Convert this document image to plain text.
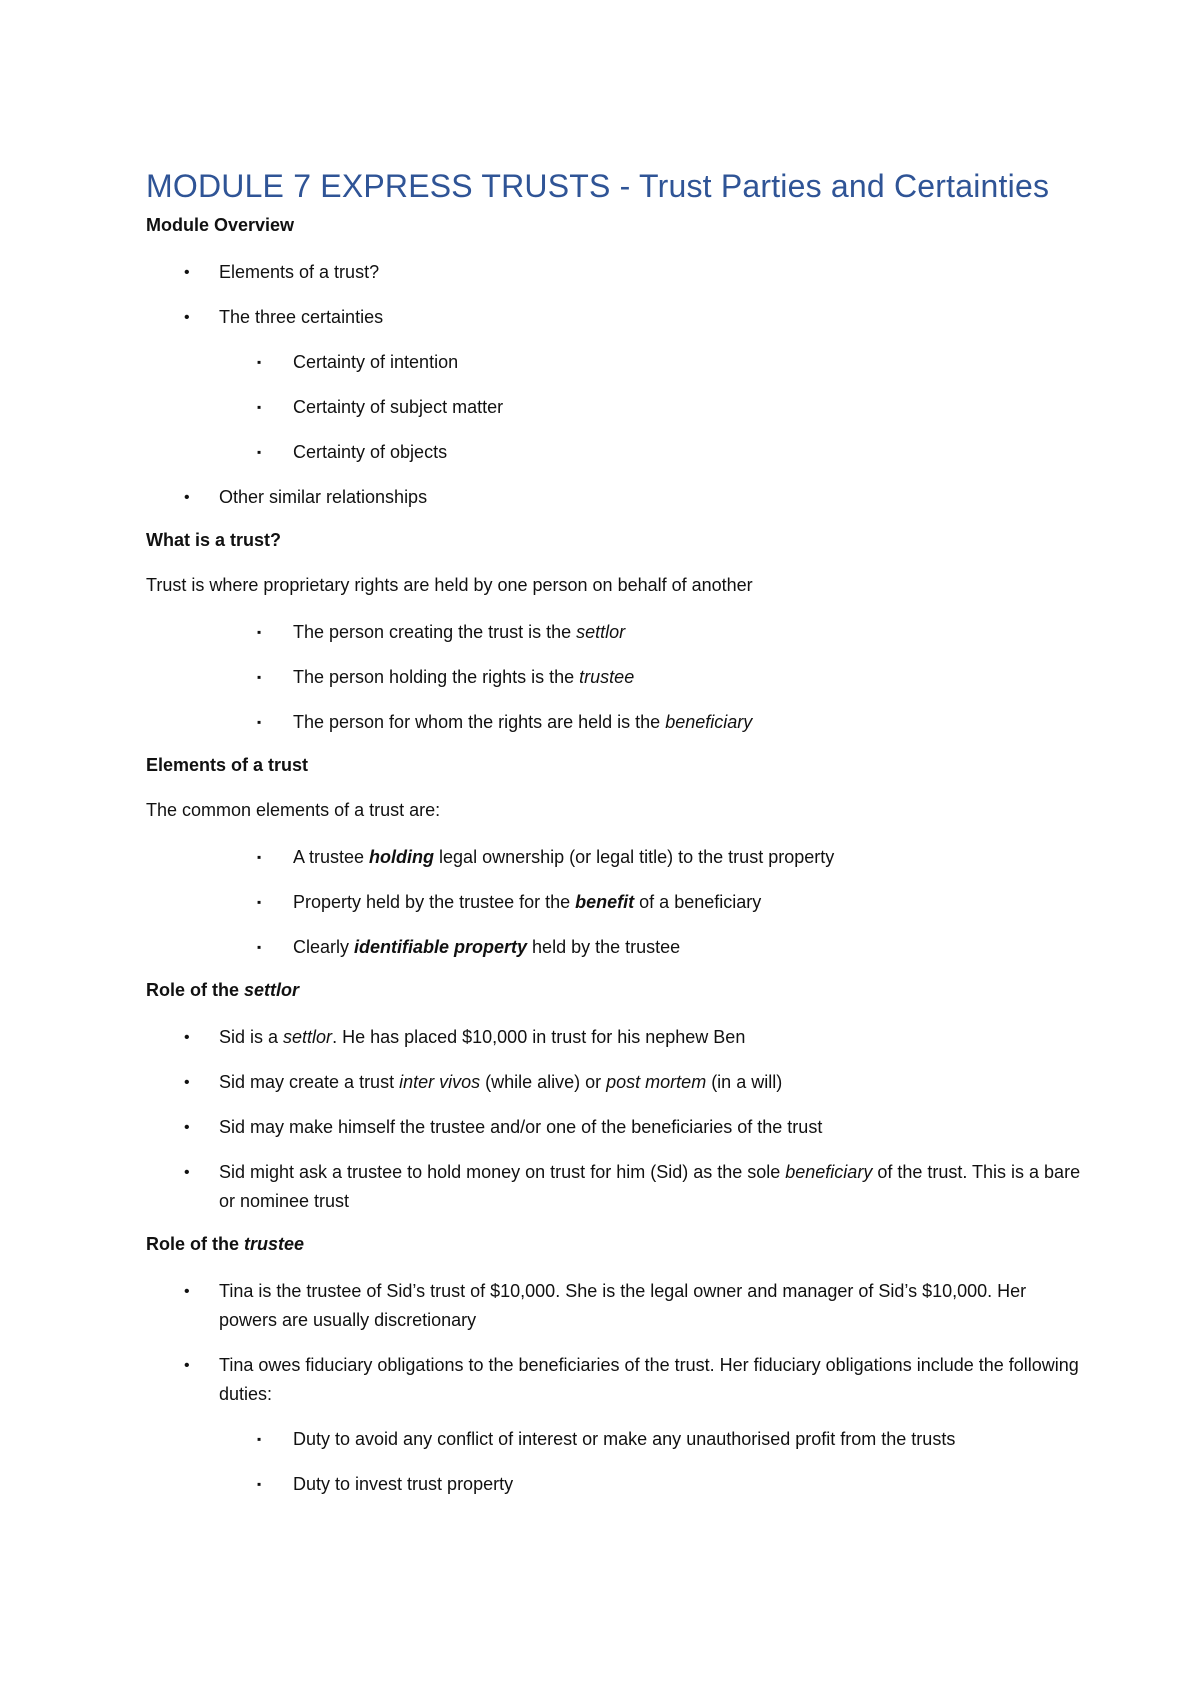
MODULE 7 EXPRESS TRUSTS - Trust Parties and Certainties
Module Overview
• Elements of a trust?
• The three certainties
▪ Certainty of intention
▪ Certainty of subject matter
▪ Certainty of objects
• Other similar relationships
What is a trust?
Trust is where proprietary rights are held by one person on behalf of another
▪ The person creating the trust is the settlor
▪ The person holding the rights is the trustee
▪ The person for whom the rights are held is the beneficiary
Elements of a trust
The common elements of a trust are:
▪ A trustee holding legal ownership (or legal title) to the trust property
▪ Property held by the trustee for the benefit of a beneficiary
▪ Clearly identifiable property held by the trustee
Role of the settlor
• Sid is a settlor. He has placed $10,000 in trust for his nephew Ben
• Sid may create a trust inter vivos (while alive) or post mortem (in a will)
• Sid may make himself the trustee and/or one of the beneficiaries of the trust
• Sid might ask a trustee to hold money on trust for him (Sid) as the sole beneficiary of the trust. This is a bare or nominee trust
Role of the trustee
• Tina is the trustee of Sid’s trust of $10,000. She is the legal owner and manager of Sid’s $10,000. Her powers are usually discretionary
• Tina owes fiduciary obligations to the beneficiaries of the trust. Her fiduciary obligations include the following duties:
▪ Duty to avoid any conflict of interest or make any unauthorised profit from the trusts
▪ Duty to invest trust property
